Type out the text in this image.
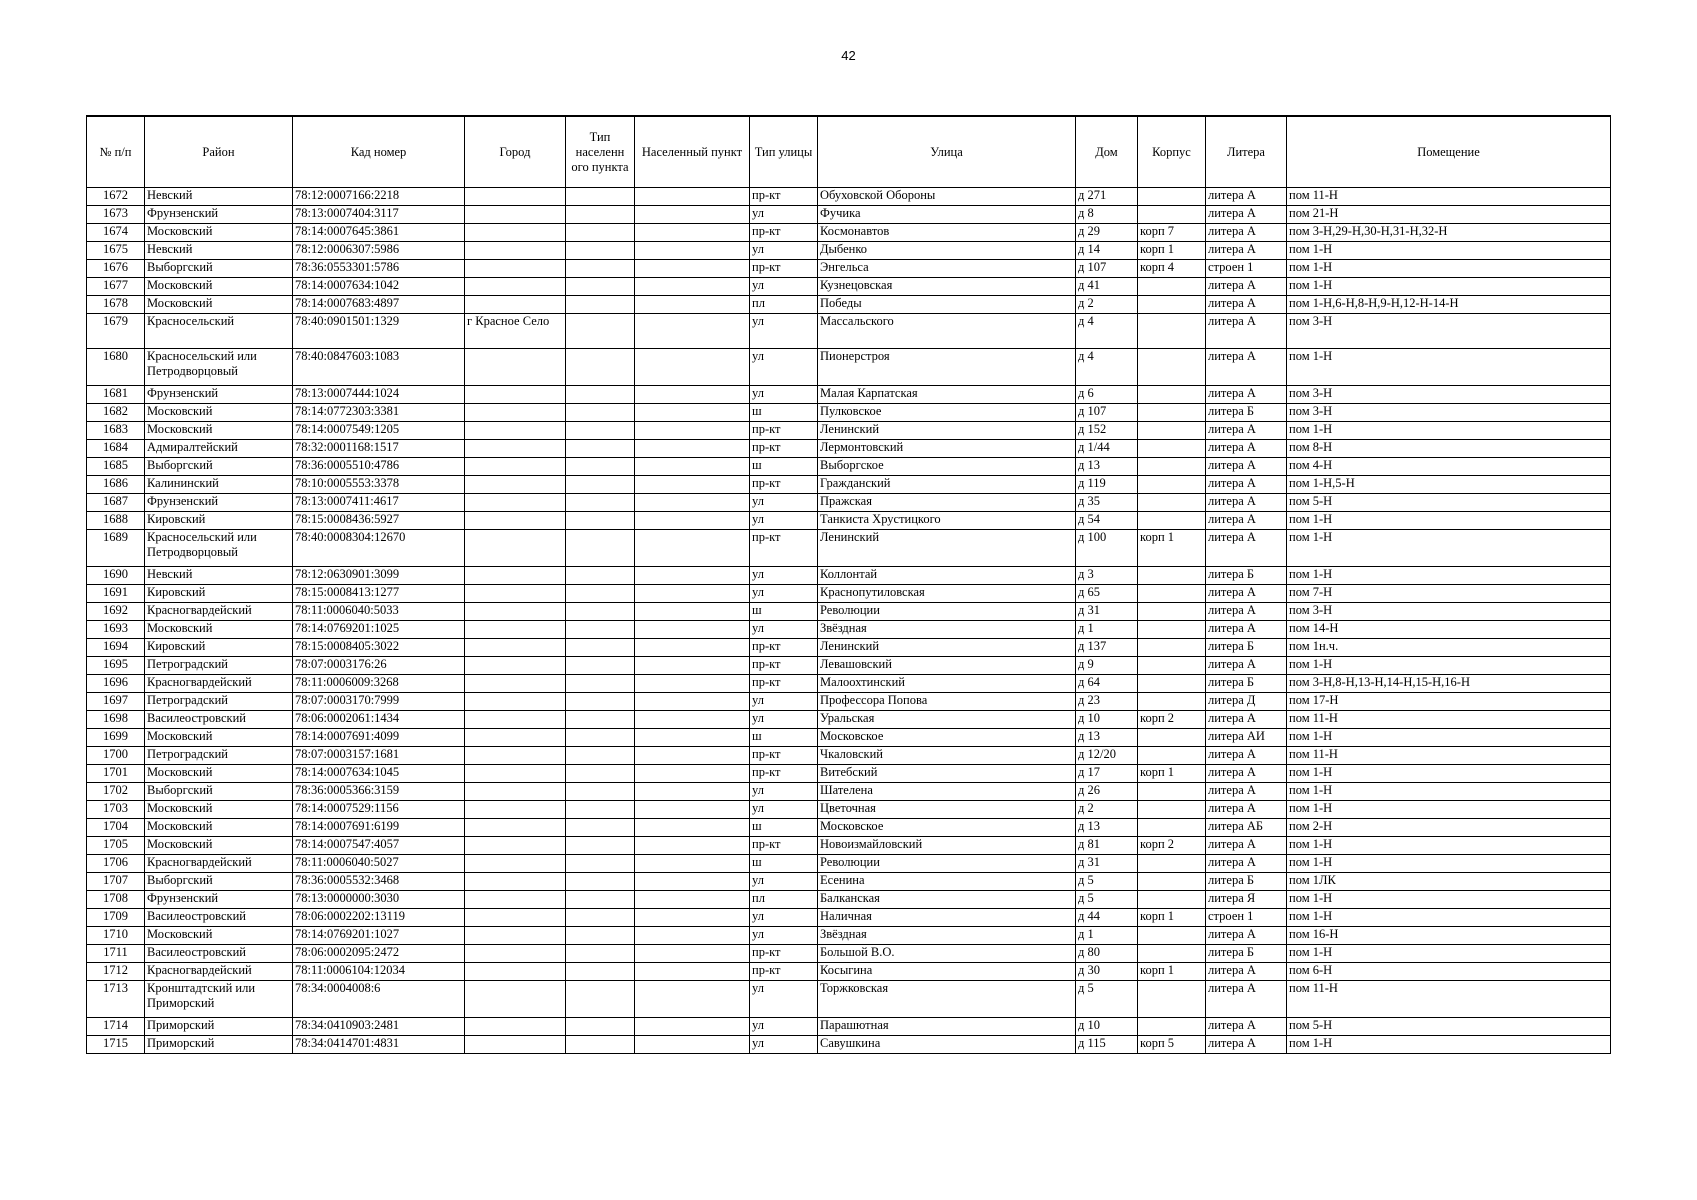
42
№ п/п	Район	Кад номер	Город	Тип населенн ого пункта	Населенный пункт	Тип улицы	Улица	Дом	Корпус	Литера	Помещение
1672	Невский	78:12:0007166:2218				пр-кт	Обуховской Обороны	д 271		литера А	пом 11-Н
1673	Фрунзенский	78:13:0007404:3117				ул	Фучика	д 8		литера А	пом 21-Н
1674	Московский	78:14:0007645:3861				пр-кт	Космонавтов	д 29	корп 7	литера А	пом 3-Н,29-Н,30-Н,31-Н,32-Н
1675	Невский	78:12:0006307:5986				ул	Дыбенко	д 14	корп 1	литера А	пом 1-Н
1676	Выборгский	78:36:0553301:5786				пр-кт	Энгельса	д 107	корп 4	строен 1	пом 1-Н
1677	Московский	78:14:0007634:1042				ул	Кузнецовская	д 41		литера А	пом 1-Н
1678	Московский	78:14:0007683:4897				пл	Победы	д 2		литера А	пом 1-Н,6-Н,8-Н,9-Н,12-Н-14-Н
1679	Красносельский	78:40:0901501:1329	г Красное Село			ул	Массальского	д 4		литера А	пом 3-Н
1680	Красносельский или Петродворцовый	78:40:0847603:1083				ул	Пионерстроя	д 4		литера А	пом 1-Н
1681	Фрунзенский	78:13:0007444:1024				ул	Малая Карпатская	д 6		литера А	пом 3-Н
1682	Московский	78:14:0772303:3381				ш	Пулковское	д 107		литера Б	пом 3-Н
1683	Московский	78:14:0007549:1205				пр-кт	Ленинский	д 152		литера А	пом 1-Н
1684	Адмиралтейский	78:32:0001168:1517				пр-кт	Лермонтовский	д 1/44		литера А	пом 8-Н
1685	Выборгский	78:36:0005510:4786				ш	Выборгское	д 13		литера А	пом 4-Н
1686	Калининский	78:10:0005553:3378				пр-кт	Гражданский	д 119		литера А	пом 1-Н,5-Н
1687	Фрунзенский	78:13:0007411:4617				ул	Пражская	д 35		литера А	пом 5-Н
1688	Кировский	78:15:0008436:5927				ул	Танкиста Хрустицкого	д 54		литера А	пом 1-Н
1689	Красносельский или Петродворцовый	78:40:0008304:12670				пр-кт	Ленинский	д 100	корп 1	литера А	пом 1-Н
1690	Невский	78:12:0630901:3099				ул	Коллонтай	д 3		литера Б	пом 1-Н
1691	Кировский	78:15:0008413:1277				ул	Краснопутиловская	д 65		литера А	пом 7-Н
1692	Красногвардейский	78:11:0006040:5033				ш	Революции	д 31		литера А	пом 3-Н
1693	Московский	78:14:0769201:1025				ул	Звёздная	д 1		литера А	пом 14-Н
1694	Кировский	78:15:0008405:3022				пр-кт	Ленинский	д 137		литера Б	пом 1н.ч.
1695	Петроградский	78:07:0003176:26				пр-кт	Левашовский	д 9		литера А	пом 1-Н
1696	Красногвардейский	78:11:0006009:3268				пр-кт	Малоохтинский	д 64		литера Б	пом 3-Н,8-Н,13-Н,14-Н,15-Н,16-Н
1697	Петроградский	78:07:0003170:7999				ул	Профессора Попова	д 23		литера Д	пом 17-Н
1698	Василеостровский	78:06:0002061:1434				ул	Уральская	д 10	корп 2	литера А	пом 11-Н
1699	Московский	78:14:0007691:4099				ш	Московское	д 13		литера АИ	пом 1-Н
1700	Петроградский	78:07:0003157:1681				пр-кт	Чкаловский	д 12/20		литера А	пом 11-Н
1701	Московский	78:14:0007634:1045				пр-кт	Витебский	д 17	корп 1	литера А	пом 1-Н
1702	Выборгский	78:36:0005366:3159				ул	Шателена	д 26		литера А	пом 1-Н
1703	Московский	78:14:0007529:1156				ул	Цветочная	д 2		литера А	пом 1-Н
1704	Московский	78:14:0007691:6199				ш	Московское	д 13		литера АБ	пом 2-Н
1705	Московский	78:14:0007547:4057				пр-кт	Новоизмайловский	д 81	корп 2	литера А	пом 1-Н
1706	Красногвардейский	78:11:0006040:5027				ш	Революции	д 31		литера А	пом 1-Н
1707	Выборгский	78:36:0005532:3468				ул	Есенина	д 5		литера Б	пом 1ЛК
1708	Фрунзенский	78:13:0000000:3030				пл	Балканская	д 5		литера Я	пом 1-Н
1709	Василеостровский	78:06:0002202:13119				ул	Наличная	д 44	корп 1	строен 1	пом 1-Н
1710	Московский	78:14:0769201:1027				ул	Звёздная	д 1		литера А	пом 16-Н
1711	Василеостровский	78:06:0002095:2472				пр-кт	Большой В.О.	д 80		литера Б	пом 1-Н
1712	Красногвардейский	78:11:0006104:12034				пр-кт	Косыгина	д 30	корп 1	литера А	пом 6-Н
1713	Кронштадтский или Приморский	78:34:0004008:6				ул	Торжковская	д 5		литера А	пом 11-Н
1714	Приморский	78:34:0410903:2481				ул	Парашютная	д 10		литера А	пом 5-Н
1715	Приморский	78:34:0414701:4831				ул	Савушкина	д 115	корп 5	литера А	пом 1-Н
